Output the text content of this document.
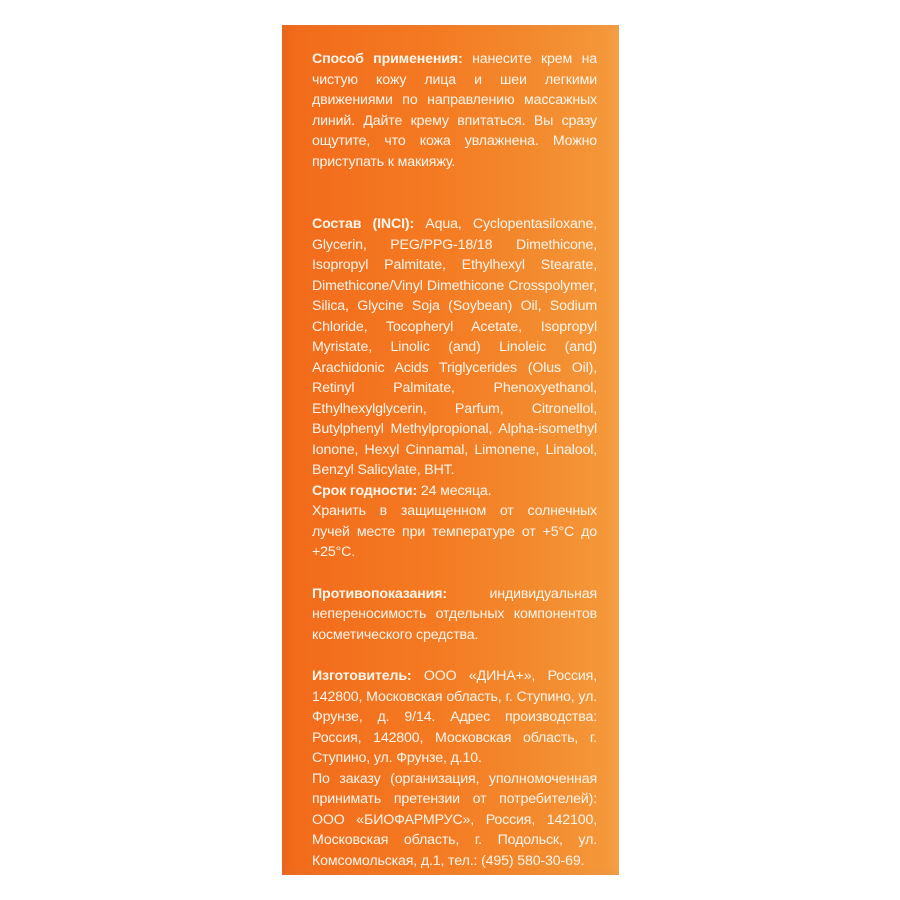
Способ применения: нанесите крем на чистую кожу лица и шеи легкими движениями по направлению массажных линий. Дайте крему впитаться. Вы сразу ощутите, что кожа увлажнена. Можно приступать к макияжу.

Состав (INCI): Aqua, Cyclopentasiloxane, Glycerin, PEG/PPG-18/18 Dimethicone, Isopropyl Palmitate, Ethylhexyl Stearate, Dimethicone/Vinyl Dimethicone Crosspolymer, Silica, Glycine Soja (Soybean) Oil, Sodium Chloride, Tocopheryl Acetate, Isopropyl Myristate, Linolic (and) Linoleic (and) Arachidonic Acids Triglycerides (Olus Oil), Retinyl Palmitate, Phenoxyethanol, Ethylhexylglycerin, Parfum, Citronellol, Butylphenyl Methylpropional, Alpha-isomethyl Ionone, Hexyl Cinnamal, Limonene, Linalool, Benzyl Salicylate, BHT.

Срок годности: 24 месяца.

Хранить в защищенном от солнечных лучей месте при температуре от +5°С до +25°С.

Противопоказания:	индивидуальная непереносимость отдельных компонентов косметического средства.

Изготовитель: ООО «ДИНА+», Россия, 142800, Московская область, г. Ступино, ул. Фрунзе, д. 9/14. Адрес производства: Россия, 142800, Московская область, г. Ступино, ул. Фрунзе, д.10.

По заказу (организация, уполномоченная принимать претензии от потребителей): ООО «БИОФАРМРУС», Россия, 142100, Московская область, г. Подольск, ул. Комсомольская, д.1, тел.: (495) 580-30-69.
